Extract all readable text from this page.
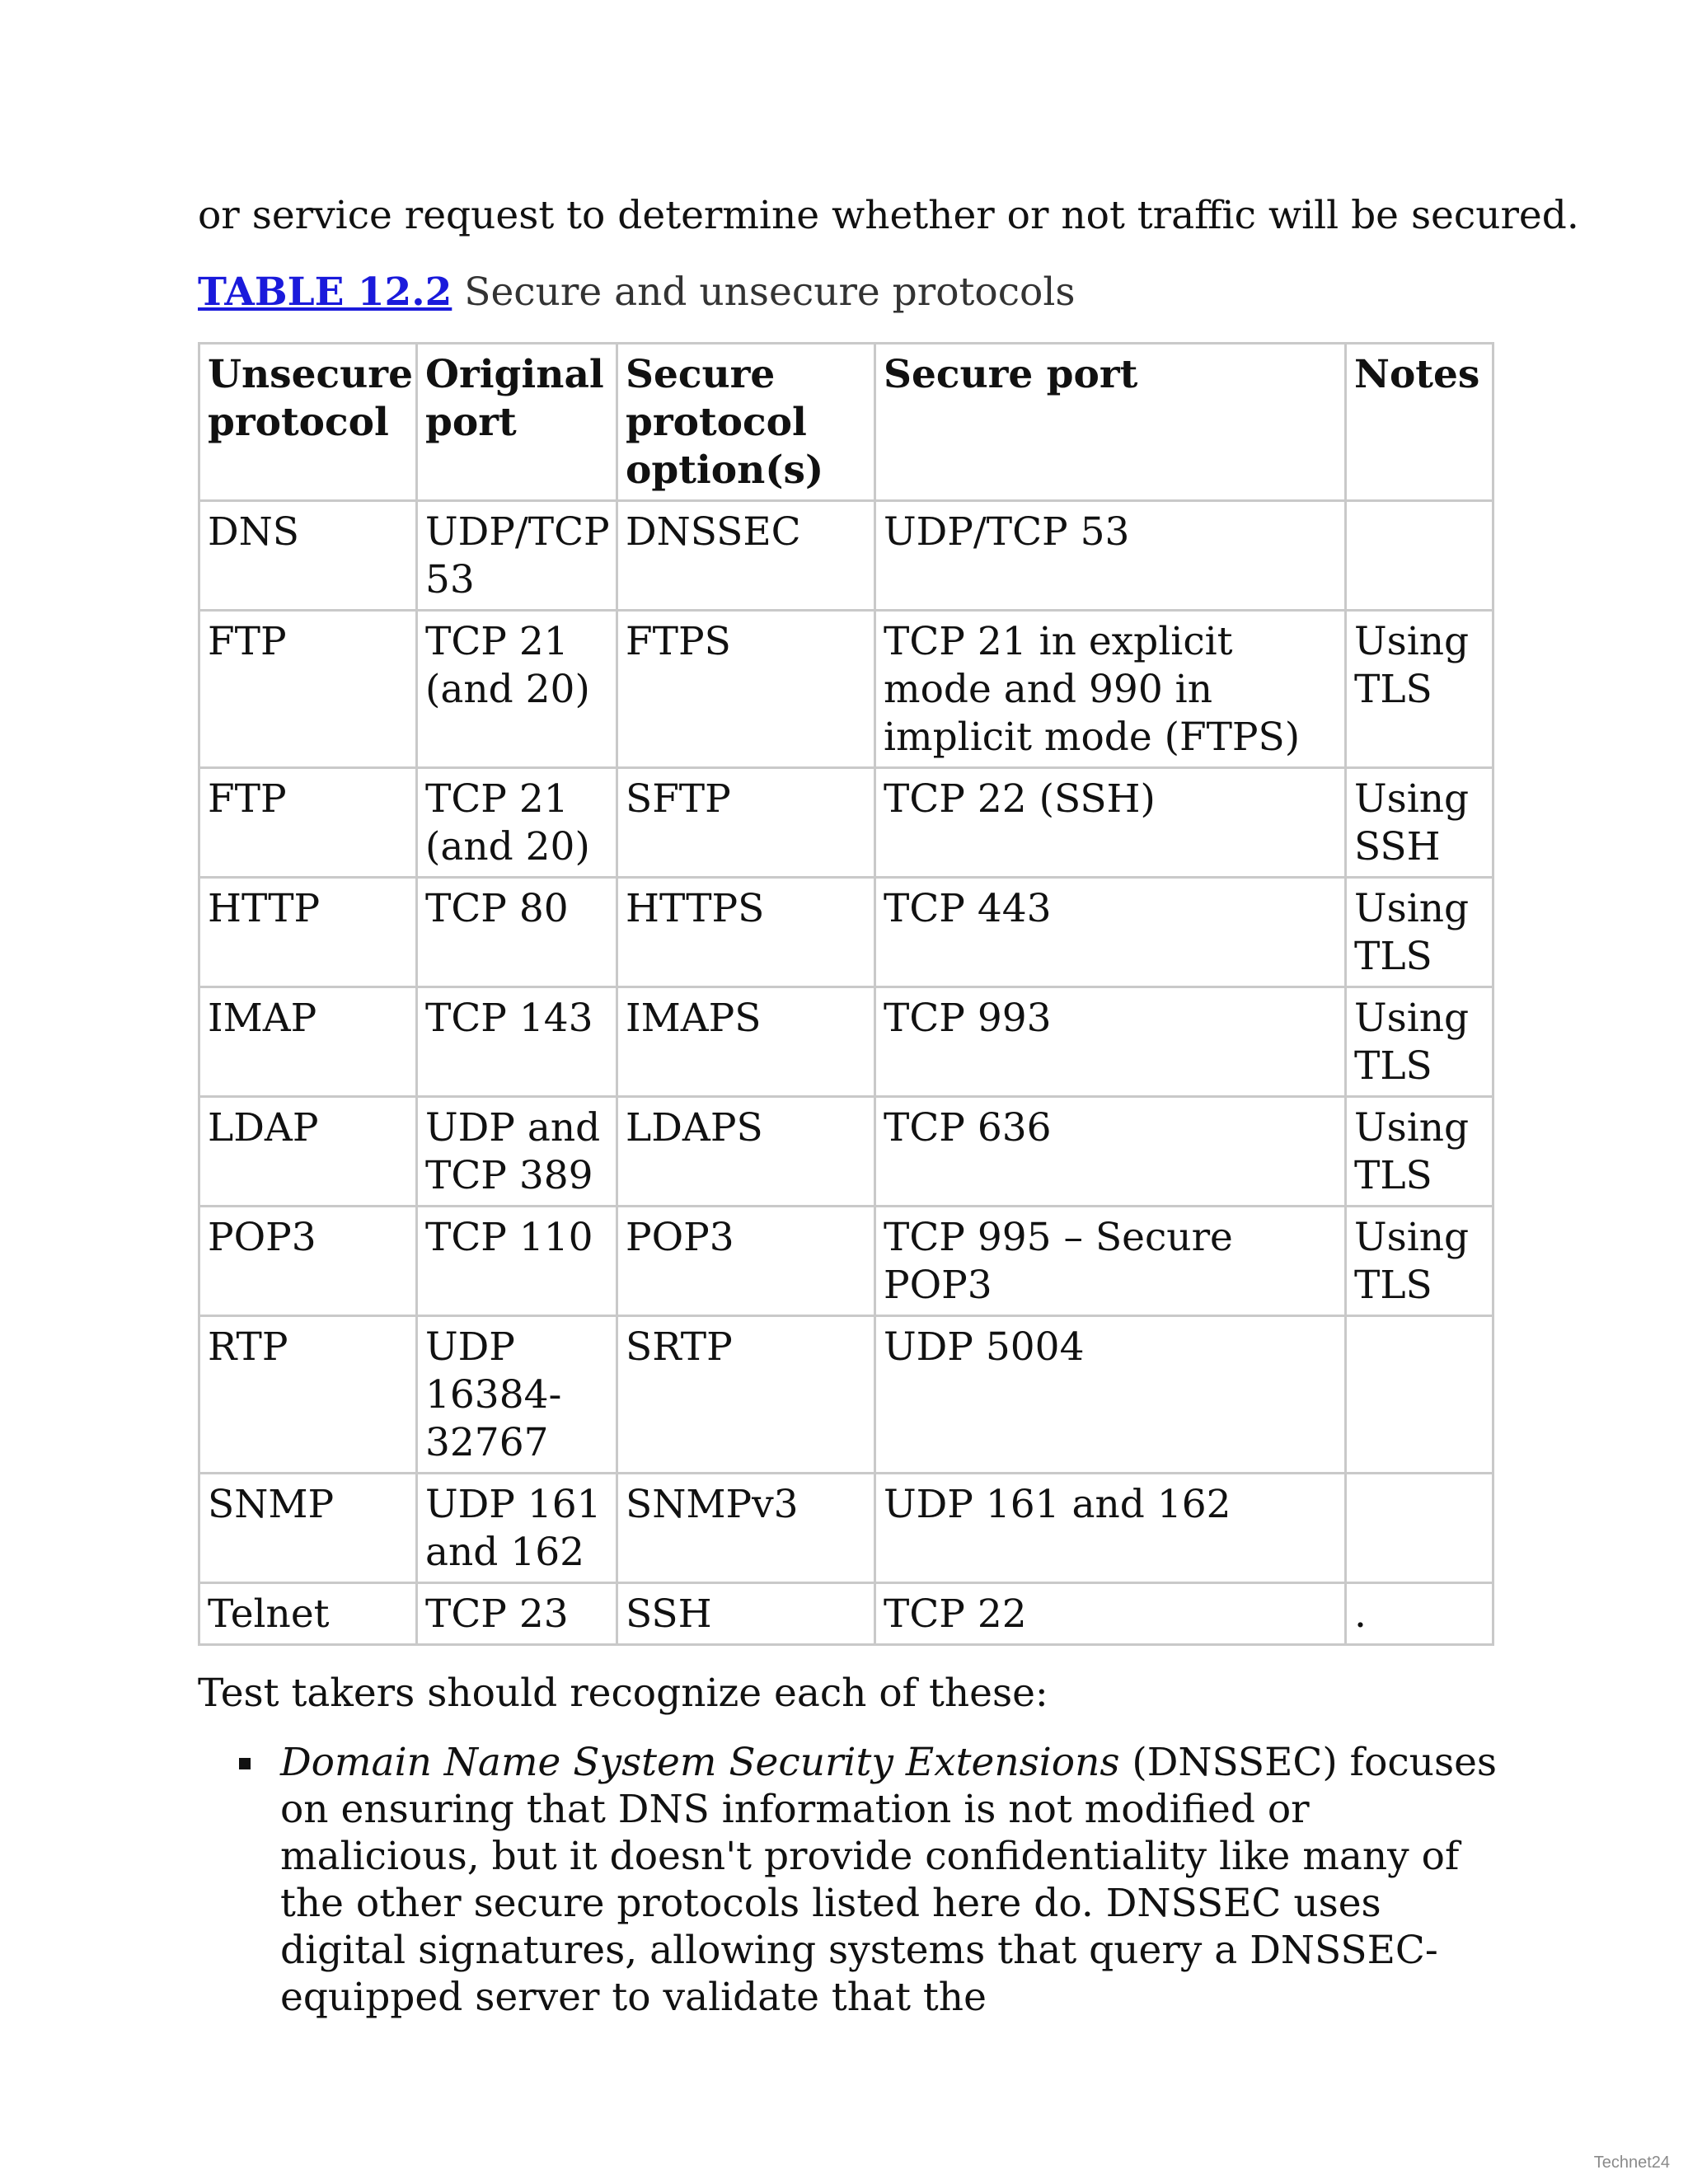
or service request to determine whether or not traffic will be secured.
TABLE 12.2 Secure and unsecure protocols
Unsecure protocol	Original port	Secure protocol option(s)	Secure port	Notes
DNS	UDP/TCP 53	DNSSEC	UDP/TCP 53	
FTP	TCP 21 (and 20)	FTPS	TCP 21 in explicit mode and 990 in implicit mode (FTPS)	Using TLS
FTP	TCP 21 (and 20)	SFTP	TCP 22 (SSH)	Using SSH
HTTP	TCP 80	HTTPS	TCP 443	Using TLS
IMAP	TCP 143	IMAPS	TCP 993	Using TLS
LDAP	UDP and TCP 389	LDAPS	TCP 636	Using TLS
POP3	TCP 110	POP3	TCP 995 – Secure POP3	Using TLS
RTP	UDP 16384-32767	SRTP	UDP 5004	
SNMP	UDP 161 and 162	SNMPv3	UDP 161 and 162	
Telnet	TCP 23	SSH	TCP 22	.
Test takers should recognize each of these:
Domain Name System Security Extensions (DNSSEC) focuses on ensuring that DNS information is not modified or malicious, but it doesn't provide confidentiality like many of the other secure protocols listed here do. DNSSEC uses digital signatures, allowing systems that query a DNSSEC-equipped server to validate that the
Technet24
